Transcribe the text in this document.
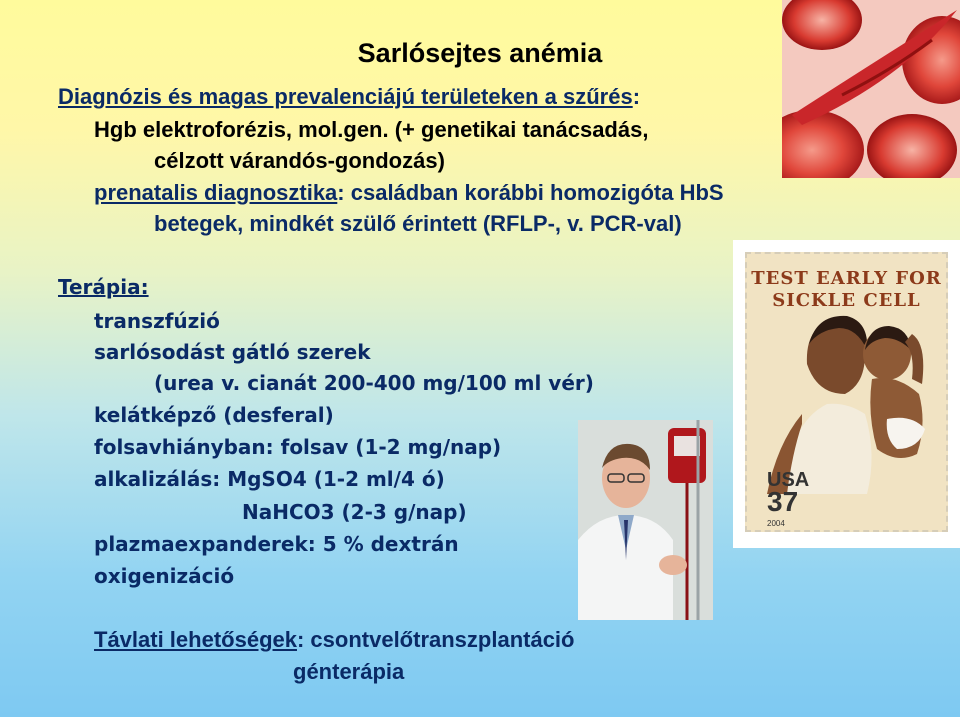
Sarlósejtes anémia
Diagnózis és magas prevalenciájú területeken a szűrés:
Hgb elektroforézis, mol.gen. (+ genetikai tanácsadás,
célzott várandós-gondozás)
prenatalis diagnosztika: családban korábbi homozigóta HbS
betegek, mindkét szülő érintett (RFLP-, v. PCR-val)
Terápia:
transzfúzió
sarlósodást gátló szerek
(urea v. cianát 200-400 mg/100 ml vér)
kelátképző (desferal)
folsavhiányban: folsav (1-2 mg/nap)
alkalizálás: MgSO4 (1-2 ml/4 ó)
NaHCO3 (2-3 g/nap)
plazmaexpanderek: 5 % dextrán
oxigenizáció
Távlati lehetőségek: csontvelőtranszplantáció
génterápia
TEST EARLY FOR
SICKLE CELL
USA
37
2004
